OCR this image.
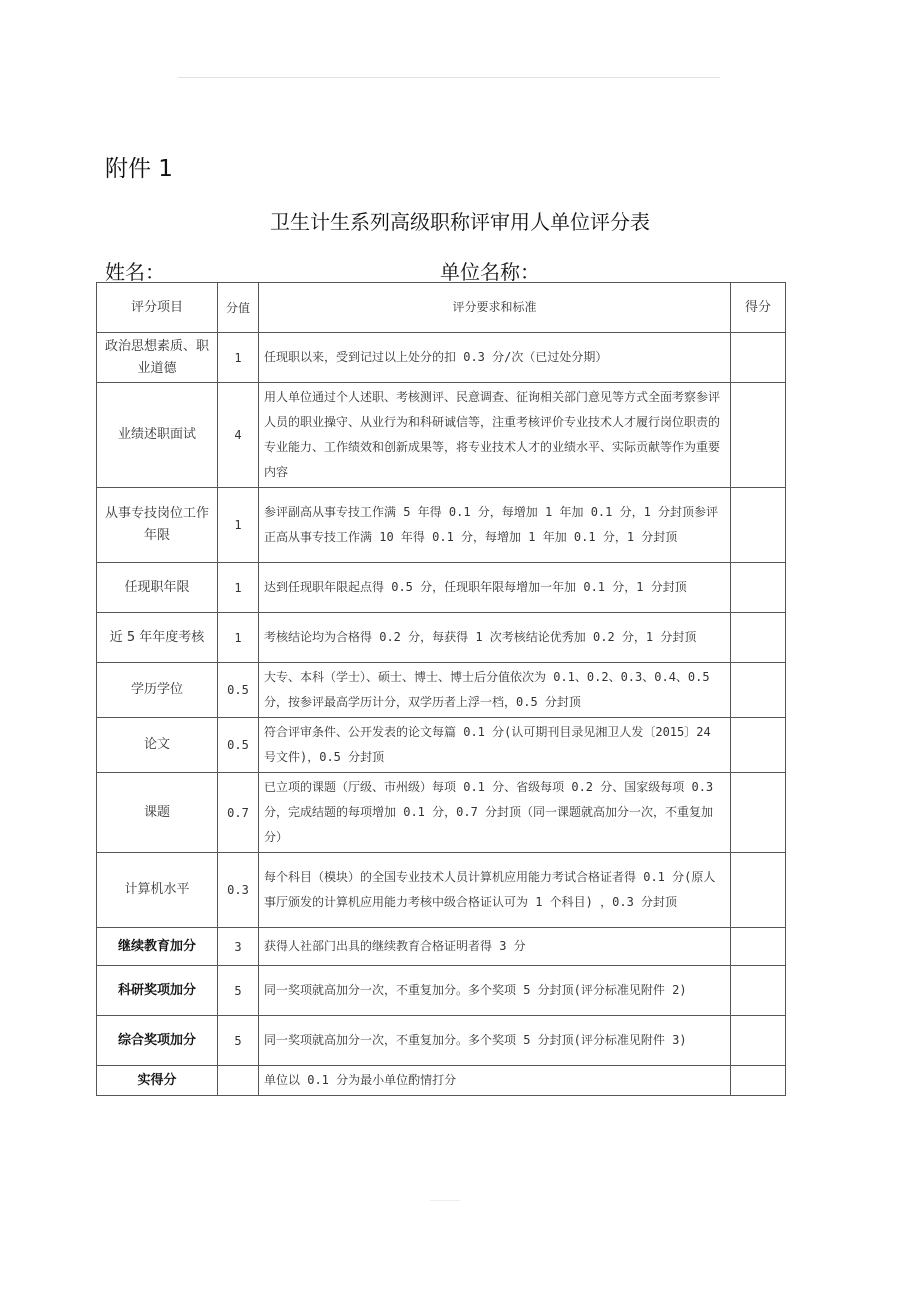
附件 1
卫生计生系列高级职称评审用人单位评分表
姓名：	单位名称：
评分项目	分值	评分要求和标准	得分
政治思想素质、职业道德	1	任现职以来，受到记过以上处分的扣 0.3 分/次（已过处分期）	
业绩述职面试	4	用人单位通过个人述职、考核测评、民意调查、征询相关部门意见等方式全面考察参评人员的职业操守、从业行为和科研诚信等，注重考核评价专业技术人才履行岗位职责的专业能力、工作绩效和创新成果等，将专业技术人才的业绩水平、实际贡献等作为重要内容	
从事专技岗位工作年限	1	参评副高从事专技工作满 5 年得 0.1 分，每增加 1 年加 0.1 分，1 分封顶参评正高从事专技工作满 10 年得 0.1 分，每增加 1 年加 0.1 分，1 分封顶	
任现职年限	1	达到任现职年限起点得 0.5 分，任现职年限每增加一年加 0.1 分，1 分封顶	
近 5 年年度考核	1	考核结论均为合格得 0.2 分，每获得 1 次考核结论优秀加 0.2 分，1 分封顶	
学历学位	0.5	大专、本科（学士）、硕士、博士、博士后分值依次为 0.1、0.2、0.3、0.4、0.5 分，按参评最高学历计分，双学历者上浮一档，0.5 分封顶	
论文	0.5	符合评审条件、公开发表的论文每篇 0.1 分(认可期刊目录见湘卫人发〔2015〕24 号文件)，0.5 分封顶	
课题	0.7	已立项的课题（厅级、市州级）每项 0.1 分、省级每项 0.2 分、国家级每项 0.3 分，完成结题的每项增加 0.1 分，0.7 分封顶（同一课题就高加分一次，不重复加分）	
计算机水平	0.3	每个科目（模块）的全国专业技术人员计算机应用能力考试合格证者得 0.1 分(原人事厅颁发的计算机应用能力考核中级合格证认可为 1 个科目) ，0.3 分封顶	
继续教育加分	3	获得人社部门出具的继续教育合格证明者得 3 分	
科研奖项加分	5	同一奖项就高加分一次，不重复加分。多个奖项 5 分封顶(评分标准见附件 2)	
综合奖项加分	5	同一奖项就高加分一次，不重复加分。多个奖项 5 分封顶(评分标准见附件 3)	
实得分		单位以 0.1 分为最小单位酌情打分	
